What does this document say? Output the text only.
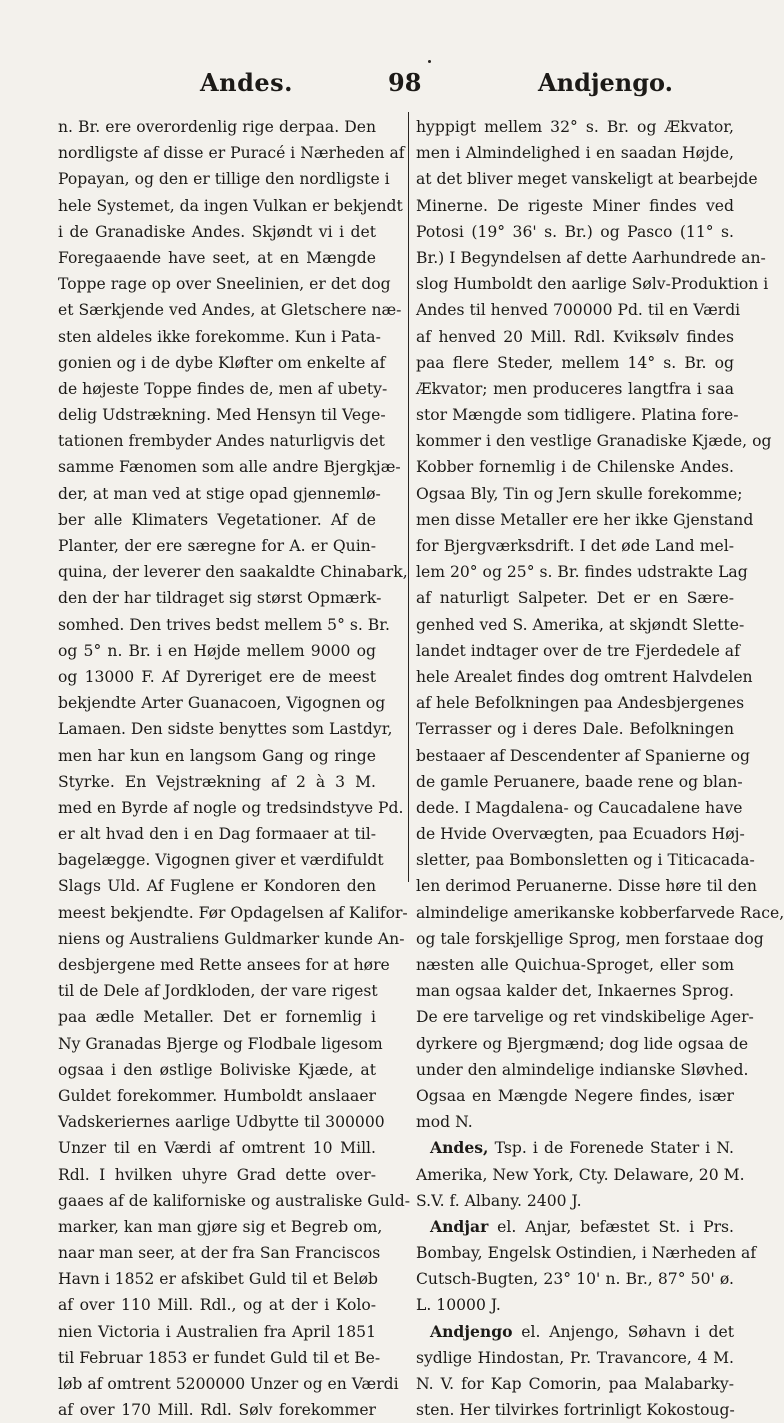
Andes.	98	Andjengo.
n. Br. ere overordenlig rige derpaa. Den
nordligste af disse er Puracé i Nærheden af
Popayan, og den er tillige den nordligste i
hele Systemet, da ingen Vulkan er bekjendt
i de Granadiske Andes. Skjøndt vi i det
Foregaaende have seet, at en Mængde
Toppe rage op over Sneelinien, er det dog
et Særkjende ved Andes, at Gletschere næ-
sten aldeles ikke forekomme. Kun i Pata-
gonien og i de dybe Kløfter om enkelte af
de højeste Toppe findes de, men af ubety-
delig Udstrækning. Med Hensyn til Vege-
tationen frembyder Andes naturligvis det
samme Fænomen som alle andre Bjergkjæ-
der, at man ved at stige opad gjennemlø-
ber alle Klimaters Vegetationer. Af de
Planter, der ere særegne for A. er Quin-
quina, der leverer den saakaldte Chinabark,
den der har tildraget sig størst Opmærk-
somhed. Den trives bedst mellem 5° s. Br.
og 5° n. Br. i en Højde mellem 9000 og
og 13000 F. Af Dyreriget ere de meest
bekjendte Arter Guanacoen, Vigognen og
Lamaen. Den sidste benyttes som Lastdyr,
men har kun en langsom Gang og ringe
Styrke. En Vejstrækning af 2 à 3 M.
med en Byrde af nogle og tredsindstyve Pd.
er alt hvad den i en Dag formaaer at til-
bagelægge. Vigognen giver et værdifuldt
Slags Uld. Af Fuglene er Kondoren den
meest bekjendte. Før Opdagelsen af Kalifor-
niens og Australiens Guldmarker kunde An-
desbjergene med Rette ansees for at høre
til de Dele af Jordkloden, der vare rigest
paa ædle Metaller. Det er fornemlig i
Ny Granadas Bjerge og Flodbale ligesom
ogsaa i den østlige Boliviske Kjæde, at
Guldet forekommer. Humboldt anslaaer
Vadskeriernes aarlige Udbytte til 300000
Unzer til en Værdi af omtrent 10 Mill.
Rdl. I hvilken uhyre Grad dette over-
gaaes af de kaliforniske og australiske Guld-
marker, kan man gjøre sig et Begreb om,
naar man seer, at der fra San Franciscos
Havn i 1852 er afskibet Guld til et Beløb
af over 110 Mill. Rdl., og at der i Kolo-
nien Victoria i Australien fra April 1851
til Februar 1853 er fundet Guld til et Be-
løb af omtrent 5200000 Unzer og en Værdi
af over 170 Mill. Rdl. Sølv forekommer
hyppigt mellem 32° s. Br. og Ækvator,
men i Almindelighed i en saadan Højde,
at det bliver meget vanskeligt at bearbejde
Minerne. De rigeste Miner findes ved
Potosi (19° 36' s. Br.) og Pasco (11° s.
Br.) I Begyndelsen af dette Aarhundrede an-
slog Humboldt den aarlige Sølv-Produktion i
Andes til henved 700000 Pd. til en Værdi
af henved 20 Mill. Rdl. Kviksølv findes
paa flere Steder, mellem 14° s. Br. og
Ækvator; men produceres langtfra i saa
stor Mængde som tidligere. Platina fore-
kommer i den vestlige Granadiske Kjæde, og
Kobber fornemlig i de Chilenske Andes.
Ogsaa Bly, Tin og Jern skulle forekomme;
men disse Metaller ere her ikke Gjenstand
for Bjergværksdrift. I det øde Land mel-
lem 20° og 25° s. Br. findes udstrakte Lag
af naturligt Salpeter. Det er en Sære-
genhed ved S. Amerika, at skjøndt Slette-
landet indtager over de tre Fjerdedele af
hele Arealet findes dog omtrent Halvdelen
af hele Befolkningen paa Andesbjergenes
Terrasser og i deres Dale. Befolkningen
bestaaer af Descendenter af Spanierne og
de gamle Peruanere, baade rene og blan-
dede. I Magdalena- og Caucadalene have
de Hvide Overvægten, paa Ecuadors Høj-
sletter, paa Bombonsletten og i Titicacada-
len derimod Peruanerne. Disse høre til den
almindelige amerikanske kobberfarvede Race,
og tale forskjellige Sprog, men forstaae dog
næsten alle Quichua-Sproget, eller som
man ogsaa kalder det, Inkaernes Sprog.
De ere tarvelige og ret vindskibelige Ager-
dyrkere og Bjergmænd; dog lide ogsaa de
under den almindelige indianske Sløvhed.
Ogsaa en Mængde Negere findes, især
mod N.
Andes, Tsp. i de Forenede Stater i N.
Amerika, New York, Cty. Delaware, 20 M.
S.V. f. Albany. 2400 J.
Andjar el. Anjar, befæstet St. i Prs.
Bombay, Engelsk Ostindien, i Nærheden af
Cutsch-Bugten, 23° 10' n. Br., 87° 50' ø.
L. 10000 J.
Andjengo el. Anjengo, Søhavn i det
sydlige Hindostan, Pr. Travancore, 4 M.
N. V. for Kap Comorin, paa Malabarky-
sten. Her tilvirkes fortrinligt Kokostoug-
